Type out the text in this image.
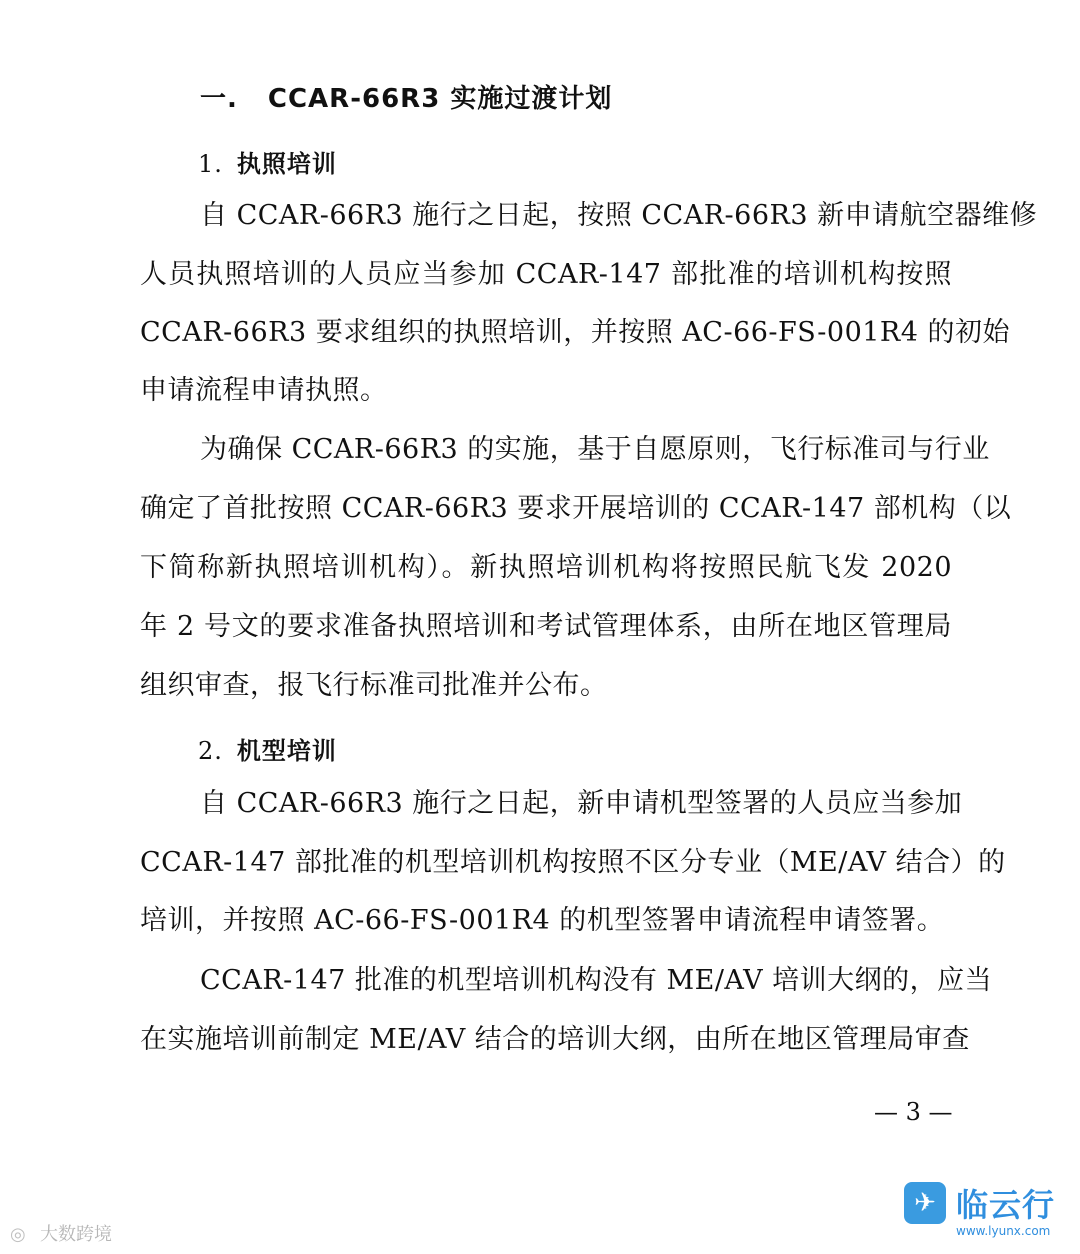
一. CCAR-66R3 实施过渡计划
1. 执照培训
自 CCAR-66R3 施行之日起，按照 CCAR-66R3 新申请航空器维修
人员执照培训的人员应当参加 CCAR-147 部批准的培训机构按照
CCAR-66R3 要求组织的执照培训，并按照 AC-66-FS-001R4 的初始
申请流程申请执照。
为确保 CCAR-66R3 的实施，基于自愿原则，飞行标准司与行业
确定了首批按照 CCAR-66R3 要求开展培训的 CCAR-147 部机构（以
下简称新执照培训机构）。新执照培训机构将按照民航飞发 2020
年 2 号文的要求准备执照培训和考试管理体系，由所在地区管理局
组织审查，报飞行标准司批准并公布。
2. 机型培训
自 CCAR-66R3 施行之日起，新申请机型签署的人员应当参加
CCAR-147 部批准的机型培训机构按照不区分专业（ME/AV 结合）的
培训，并按照 AC-66-FS-001R4 的机型签署申请流程申请签署。
CCAR-147 批准的机型培训机构没有 ME/AV 培训大纲的，应当
在实施培训前制定 ME/AV 结合的培训大纲，由所在地区管理局审查
— 3 —
◎ 大数跨境
✈ 临云行
www.lyunx.com
